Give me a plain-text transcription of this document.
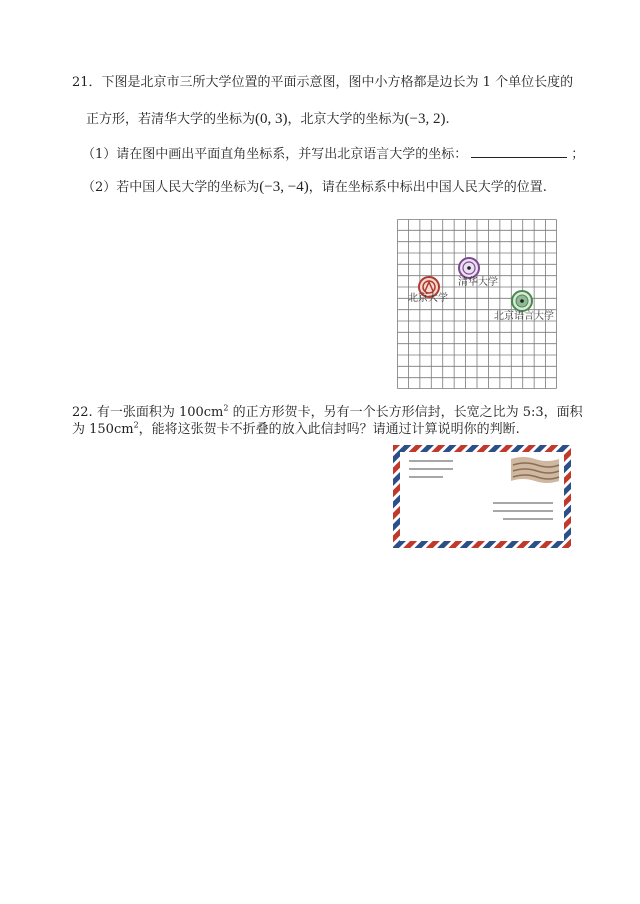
21．下图是北京市三所大学位置的平面示意图，图中小方格都是边长为 1 个单位长度的
正方形，若清华大学的坐标为(0, 3)，北京大学的坐标为(−3, 2).
（1）请在图中画出平面直角坐标系，并写出北京语言大学的坐标：	；
（2）若中国人民大学的坐标为(−3, −4)，请在坐标系中标出中国人民大学的位置.
清华大学
北京大学
北京语言大学
22. 有一张面积为 $100cm^2$ 的正方形贺卡，另有一个长方形信封，长宽之比为 5:3，面积
为 $150cm^2$，能将这张贺卡不折叠的放入此信封吗？请通过计算说明你的判断.
